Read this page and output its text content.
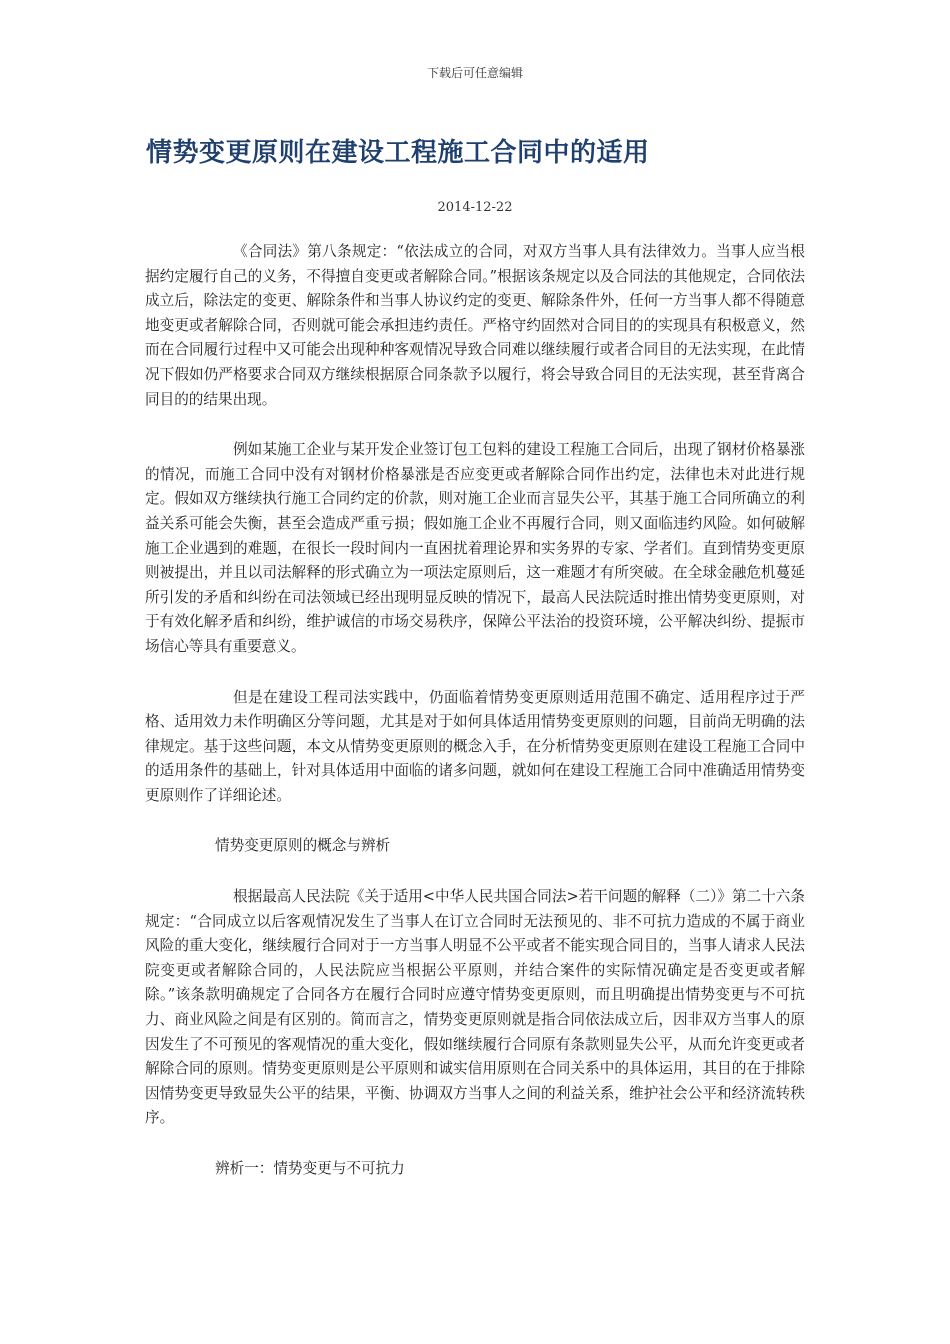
下载后可任意编辑
情势变更原则在建设工程施工合同中的适用
2014-12-22

《合同法》第八条规定：“依法成立的合同，对双方当事人具有法律效力。当事人应当根据约定履行自己的义务，不得擅自变更或者解除合同。”根据该条规定以及合同法的其他规定，合同依法成立后，除法定的变更、解除条件和当事人协议约定的变更、解除条件外，任何一方当事人都不得随意地变更或者解除合同，否则就可能会承担违约责任。严格守约固然对合同目的的实现具有积极意义，然而在合同履行过程中又可能会出现种种客观情况导致合同难以继续履行或者合同目的无法实现，在此情况下假如仍严格要求合同双方继续根据原合同条款予以履行，将会导致合同目的无法实现，甚至背离合同目的的结果出现。

例如某施工企业与某开发企业签订包工包料的建设工程施工合同后，出现了钢材价格暴涨的情况，而施工合同中没有对钢材价格暴涨是否应变更或者解除合同作出约定，法律也未对此进行规定。假如双方继续执行施工合同约定的价款，则对施工企业而言显失公平，其基于施工合同所确立的利益关系可能会失衡，甚至会造成严重亏损；假如施工企业不再履行合同，则又面临违约风险。如何破解施工企业遇到的难题，在很长一段时间内一直困扰着理论界和实务界的专家、学者们。直到情势变更原则被提出，并且以司法解释的形式确立为一项法定原则后，这一难题才有所突破。在全球金融危机蔓延所引发的矛盾和纠纷在司法领域已经出现明显反映的情况下，最高人民法院适时推出情势变更原则，对于有效化解矛盾和纠纷，维护诚信的市场交易秩序，保障公平法治的投资环境，公平解决纠纷、提振市场信心等具有重要意义。

但是在建设工程司法实践中，仍面临着情势变更原则适用范围不确定、适用程序过于严格、适用效力未作明确区分等问题，尤其是对于如何具体适用情势变更原则的问题，目前尚无明确的法律规定。基于这些问题，本文从情势变更原则的概念入手，在分析情势变更原则在建设工程施工合同中的适用条件的基础上，针对具体适用中面临的诸多问题，就如何在建设工程施工合同中准确适用情势变更原则作了详细论述。

情势变更原则的概念与辨析

根据最高人民法院《关于适用<中华人民共国合同法>若干问题的解释（二）》第二十六条规定：“合同成立以后客观情况发生了当事人在订立合同时无法预见的、非不可抗力造成的不属于商业风险的重大变化，继续履行合同对于一方当事人明显不公平或者不能实现合同目的，当事人请求人民法院变更或者解除合同的，人民法院应当根据公平原则，并结合案件的实际情况确定是否变更或者解除。”该条款明确规定了合同各方在履行合同时应遵守情势变更原则，而且明确提出情势变更与不可抗力、商业风险之间是有区别的。简而言之，情势变更原则就是指合同依法成立后，因非双方当事人的原因发生了不可预见的客观情况的重大变化，假如继续履行合同原有条款则显失公平，从而允许变更或者解除合同的原则。情势变更原则是公平原则和诚实信用原则在合同关系中的具体运用，其目的在于排除因情势变更导致显失公平的结果，平衡、协调双方当事人之间的利益关系，维护社会公平和经济流转秩序。

辨析一：情势变更与不可抗力
